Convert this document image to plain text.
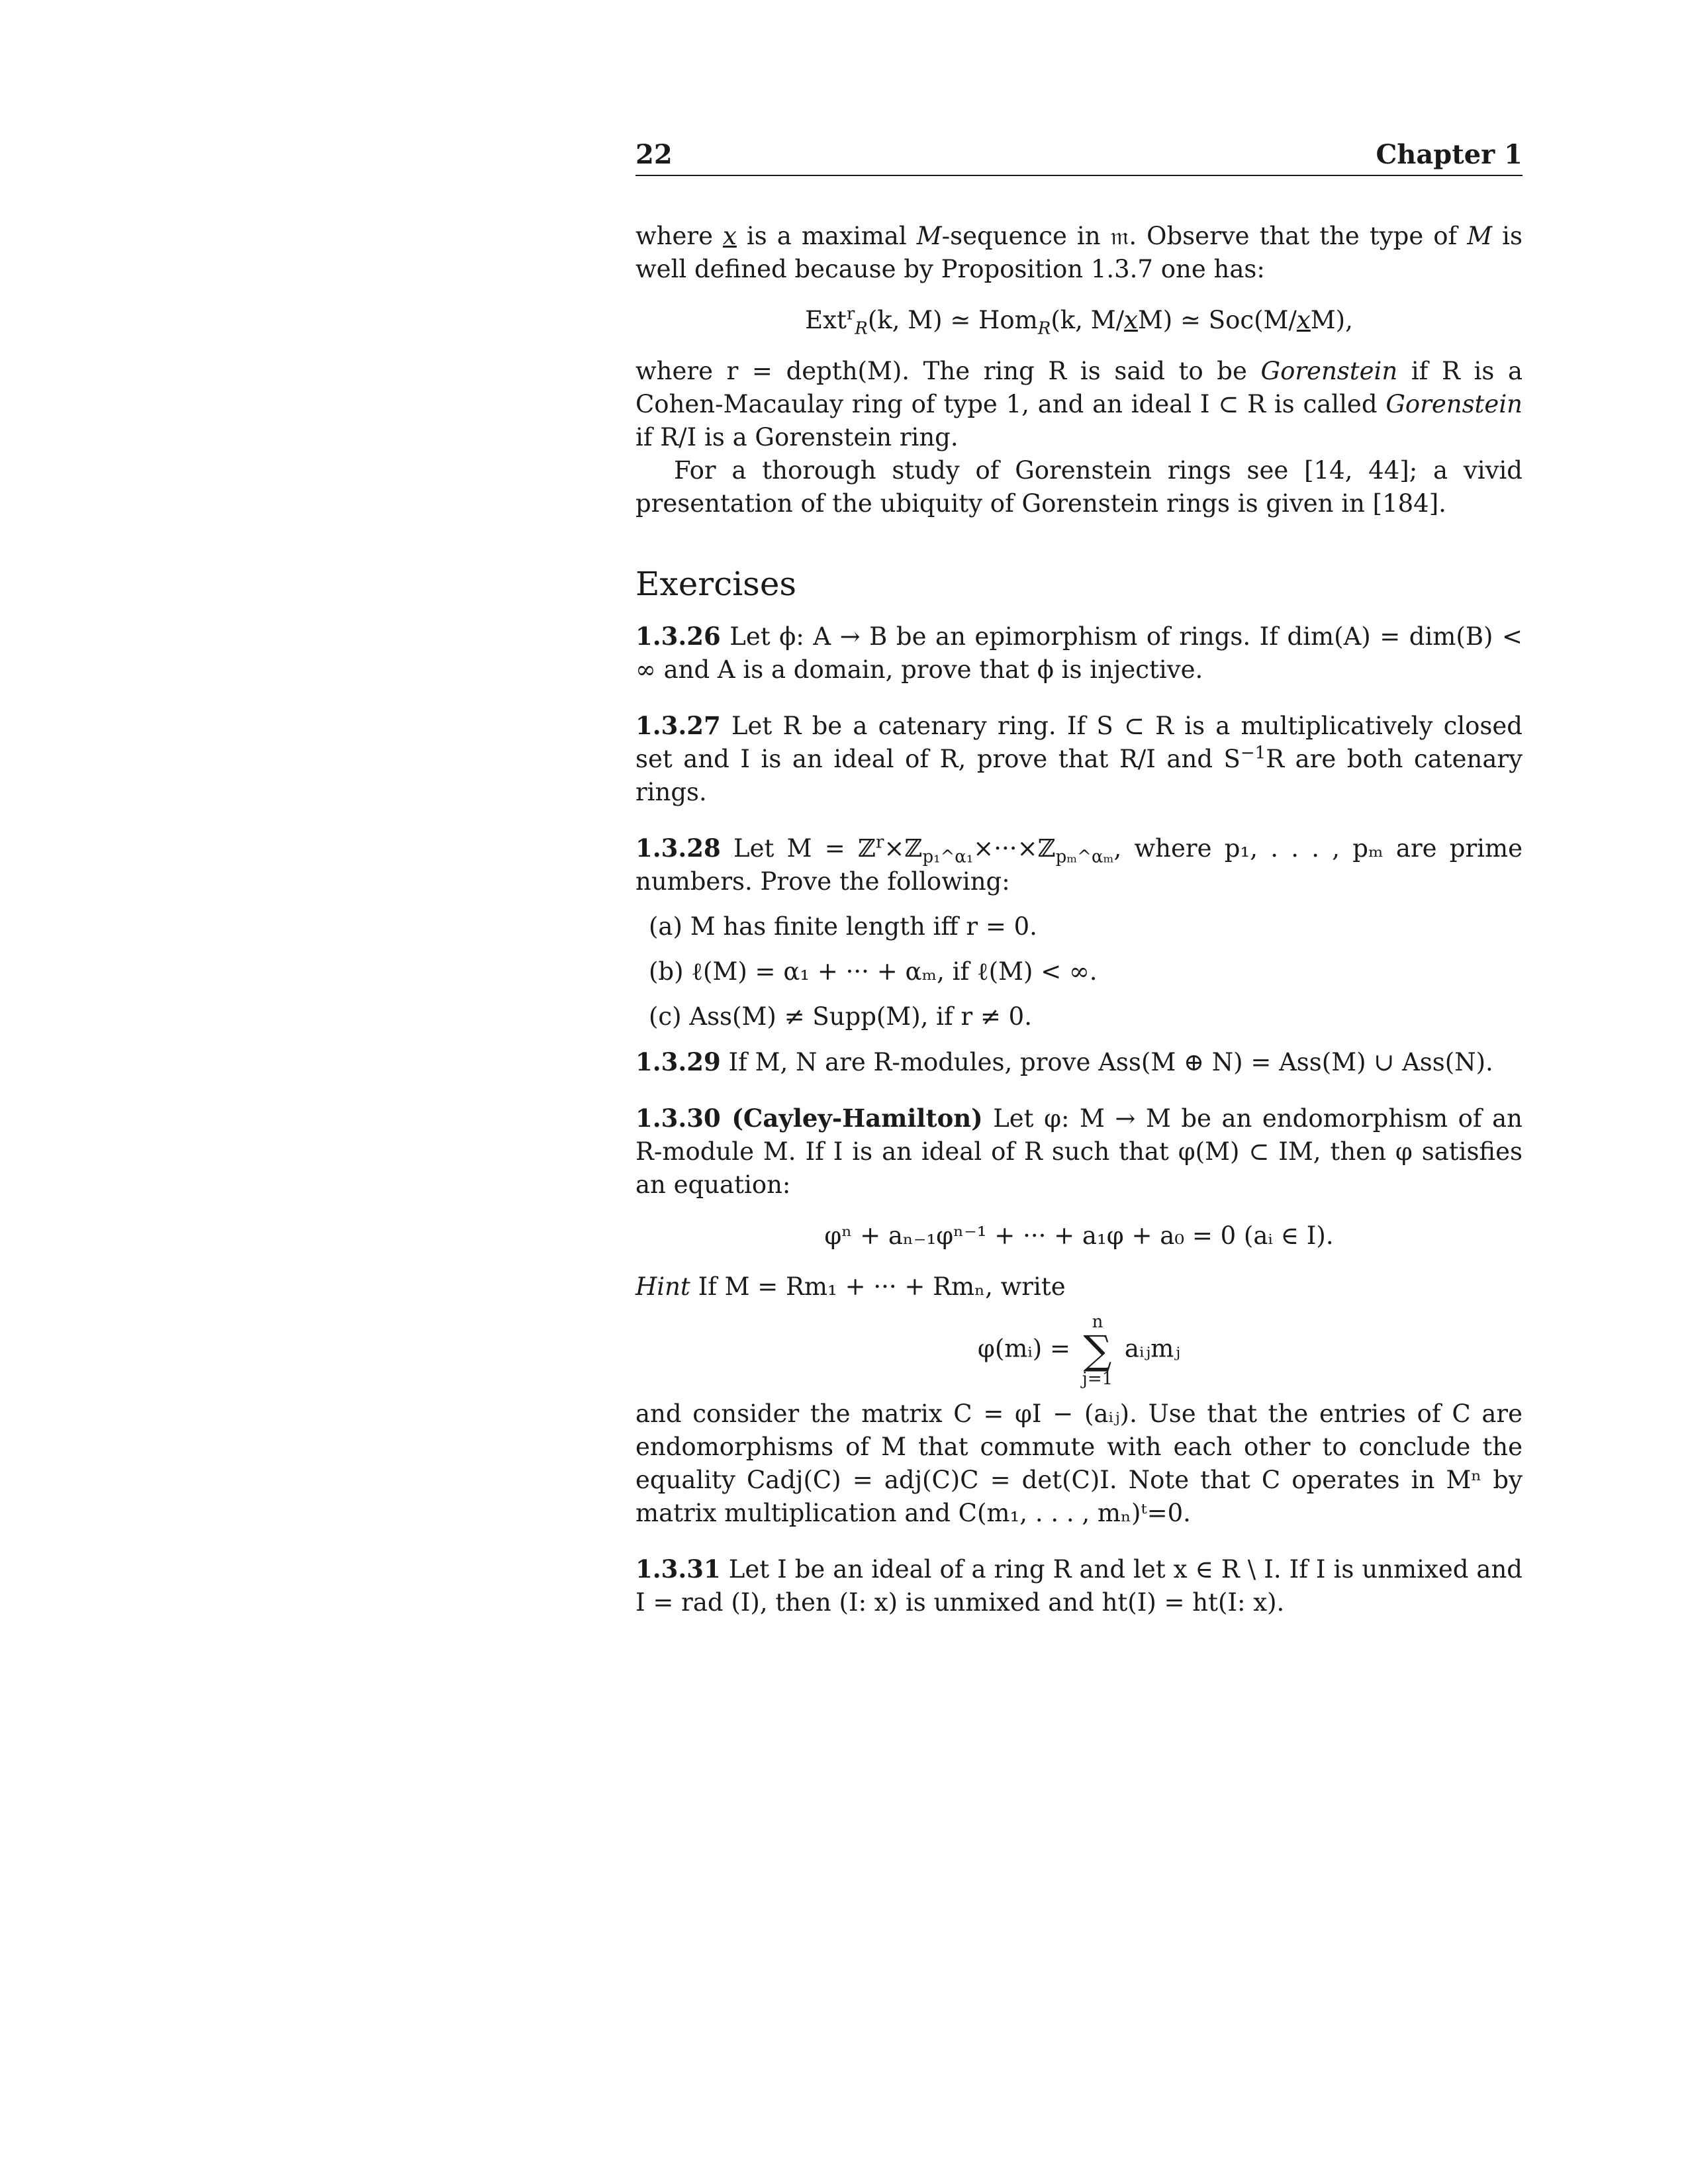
22	Chapter 1

where x is a maximal M-sequence in 𝔪. Observe that the type of M is well defined because by Proposition 1.3.7 one has:

Ext$^r_R$(k, M) ≃ Hom$_R$(k, M/xM) ≃ Soc(M/xM),

where r = depth(M). The ring R is said to be Gorenstein if R is a Cohen-Macaulay ring of type 1, and an ideal I ⊂ R is called Gorenstein if R/I is a Gorenstein ring.

For a thorough study of Gorenstein rings see [14, 44]; a vivid presentation of the ubiquity of Gorenstein rings is given in [184].

Exercises

1.3.26 Let ϕ: A → B be an epimorphism of rings. If dim(A) = dim(B) < ∞ and A is a domain, prove that ϕ is injective.

1.3.27 Let R be a catenary ring. If S ⊂ R is a multiplicatively closed set and I is an ideal of R, prove that R/I and $S^{-1}R$ are both catenary rings.

1.3.28 Let M = ℤ$^r$×ℤ$_{p_1\^{}\alpha_1}$×···×ℤ$_{p_m\^{}\alpha_m}$, where p₁, . . . , pₘ are prime numbers. Prove the following:

(a) M has finite length iff r = 0.
(b) ℓ(M) = α₁ + ··· + αₘ, if ℓ(M) < ∞.
(c) Ass(M) ≠ Supp(M), if r ≠ 0.

1.3.29 If M, N are R-modules, prove Ass(M ⊕ N) = Ass(M) ∪ Ass(N).

1.3.30 (Cayley-Hamilton) Let φ: M → M be an endomorphism of an R-module M. If I is an ideal of R such that φ(M) ⊂ IM, then φ satisfies an equation:

φⁿ + aₙ₋₁φⁿ⁻¹ + ··· + a₁φ + a₀ = 0 (aᵢ ∈ I).

Hint If M = Rm₁ + ··· + Rmₙ, write

φ(mᵢ) =
n
∑
j=1
aᵢⱼmⱼ

and consider the matrix C = φI − (aᵢⱼ). Use that the entries of C are endomorphisms of M that commute with each other to conclude the equality Cadj(C) = adj(C)C = det(C)I. Note that C operates in Mⁿ by matrix multiplication and C(m₁, . . . , mₙ)ᵗ=0.

1.3.31 Let I be an ideal of a ring R and let x ∈ R \ I. If I is unmixed and I = rad (I), then (I: x) is unmixed and ht(I) = ht(I: x).
